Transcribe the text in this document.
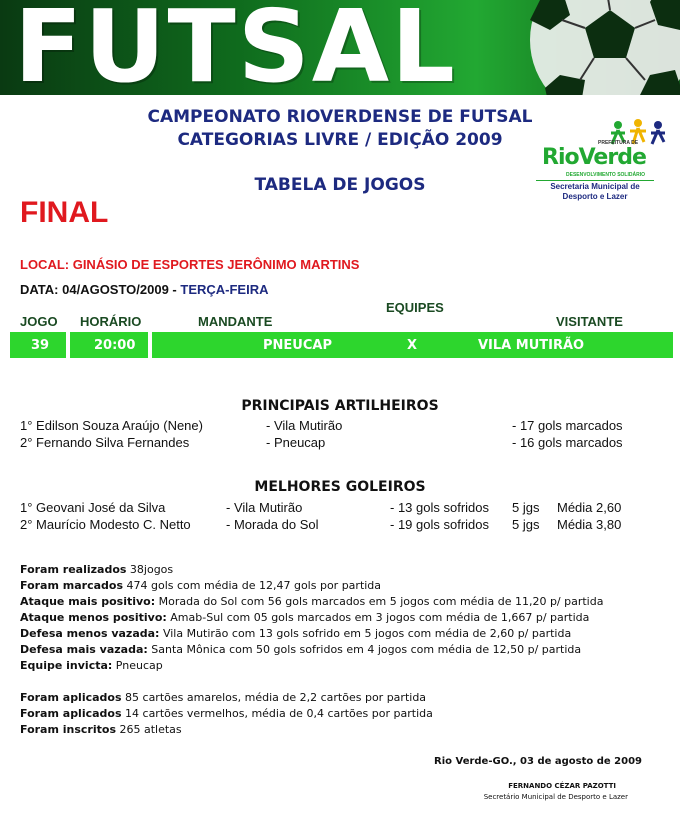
FUTSAL
CAMPEONATO RIOVERDENSE DE FUTSAL
CATEGORIAS LIVRE / EDIÇÃO 2009
TABELA DE JOGOS
PREFEITURA DE
RioVerde
DESENVOLVIMENTO SOLIDÁRIO
Secretaria Municipal de
Desporto e Lazer
FINAL
LOCAL: GINÁSIO DE ESPORTES JERÔNIMO MARTINS
DATA: 04/AGOSTO/2009 - TERÇA-FEIRA
EQUIPES
JOGO HORÁRIO	MANDANTE	VISITANTE
39	20:00	PNEUCAP	X	VILA MUTIRÃO
PRINCIPAIS ARTILHEIROS
1° Edilson Souza Araújo (Nene)	- Vila Mutirão	- 17 gols marcados
2° Fernando Silva Fernandes	- Pneucap	- 16 gols marcados
MELHORES GOLEIROS
1° Geovani José da Silva	- Vila Mutirão	- 13 gols sofridos 5 jgs Média 2,60
2° Maurício Modesto C. Netto	- Morada do Sol	- 19 gols sofridos 5 jgs Média 3,80
Foram realizados 38jogos
Foram marcados 474 gols com média de 12,47 gols por partida
Ataque mais positivo: Morada do Sol com 56 gols marcados em 5 jogos com média de 11,20 p/ partida
Ataque menos positivo: Amab-Sul com 05 gols marcados em 3 jogos com média de 1,667 p/ partida
Defesa menos vazada: Vila Mutirão com 13 gols sofrido em 5 jogos com média de 2,60 p/ partida
Defesa mais vazada: Santa Mônica com 50 gols sofridos em 4 jogos com média de 12,50 p/ partida
Equipe invicta: Pneucap
Foram aplicados 85 cartões amarelos, média de 2,2 cartões por partida
Foram aplicados 14 cartões vermelhos, média de 0,4 cartões por partida
Foram inscritos 265 atletas
Rio Verde-GO., 03 de agosto de 2009
FERNANDO CÉZAR PAZOTTI
Secretário Municipal de Desporto e Lazer
